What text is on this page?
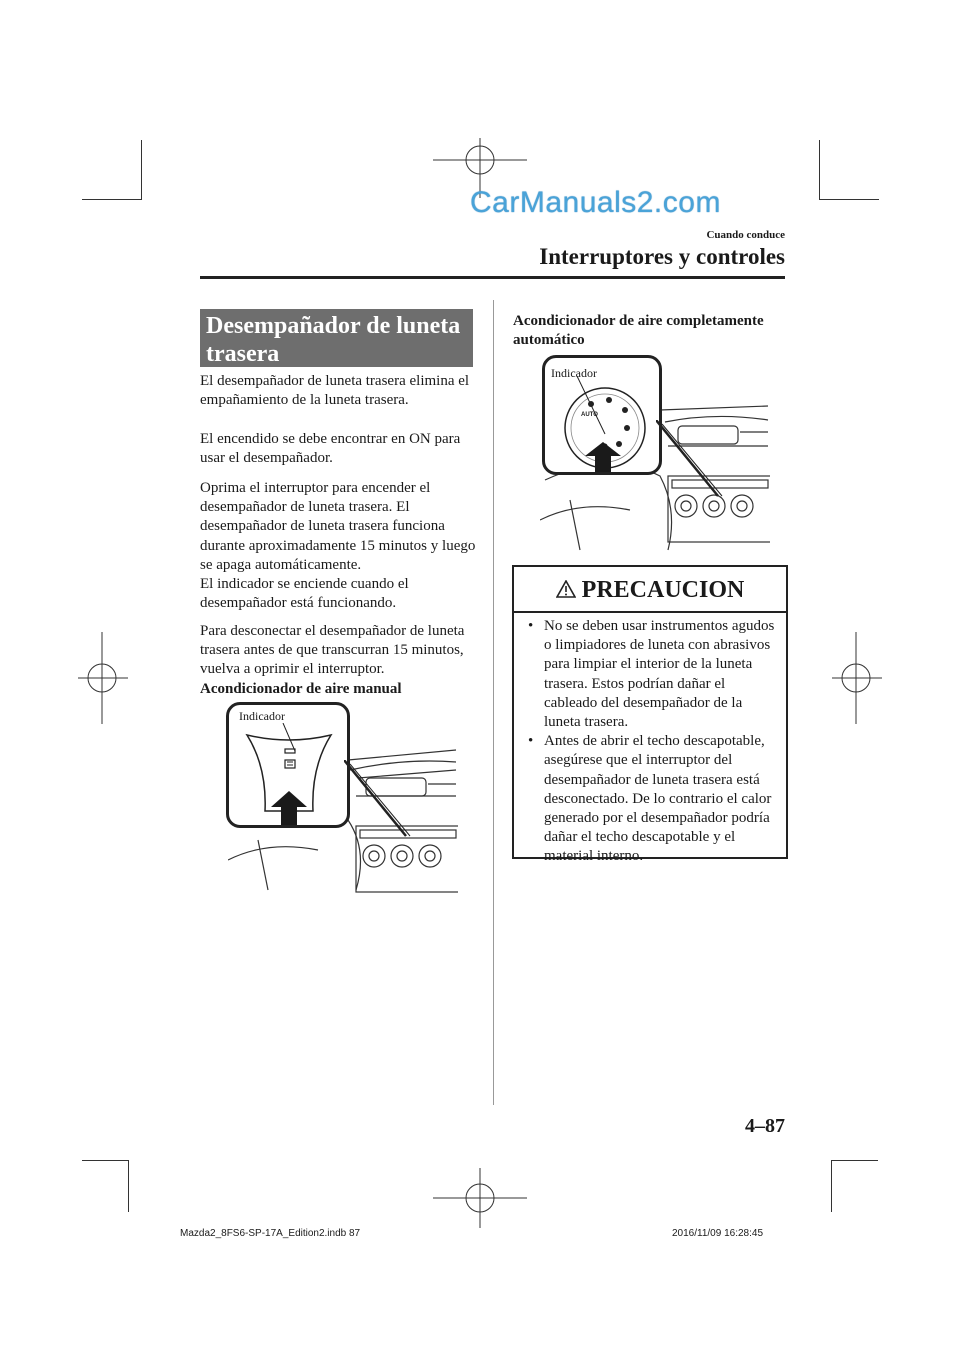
CarManuals2.com
Cuando conduce
Interruptores y controles
Desempañador de luneta trasera

El desempañador de luneta trasera elimina el empañamiento de la luneta trasera.

El encendido se debe encontrar en ON para usar el desempañador.

Oprima el interruptor para encender el desempañador de luneta trasera. El desempañador de luneta trasera funciona durante aproximadamente 15 minutos y luego se apaga automáticamente.

El indicador se enciende cuando el desempañador está funcionando.

Para desconectar el desempañador de luneta trasera antes de que transcurran 15 minutos, vuelva a oprimir el interruptor.

Acondicionador de aire manual

Indicador
Acondicionador de aire completamente automático
AUTO
Indicador
PRECAUCION
• No se deben usar instrumentos agudos o limpiadores de luneta con abrasivos para limpiar el interior de la luneta trasera. Estos podrían dañar el cableado del desempañador de la luneta trasera.
• Antes de abrir el techo descapotable, asegúrese que el interruptor del desempañador de luneta trasera está desconectado. De lo contrario el calor generado por el desempañador podría dañar el techo descapotable y el material interno.
4–87
Mazda2_8FS6-SP-17A_Edition2.indb 87	2016/11/09 16:28:45
